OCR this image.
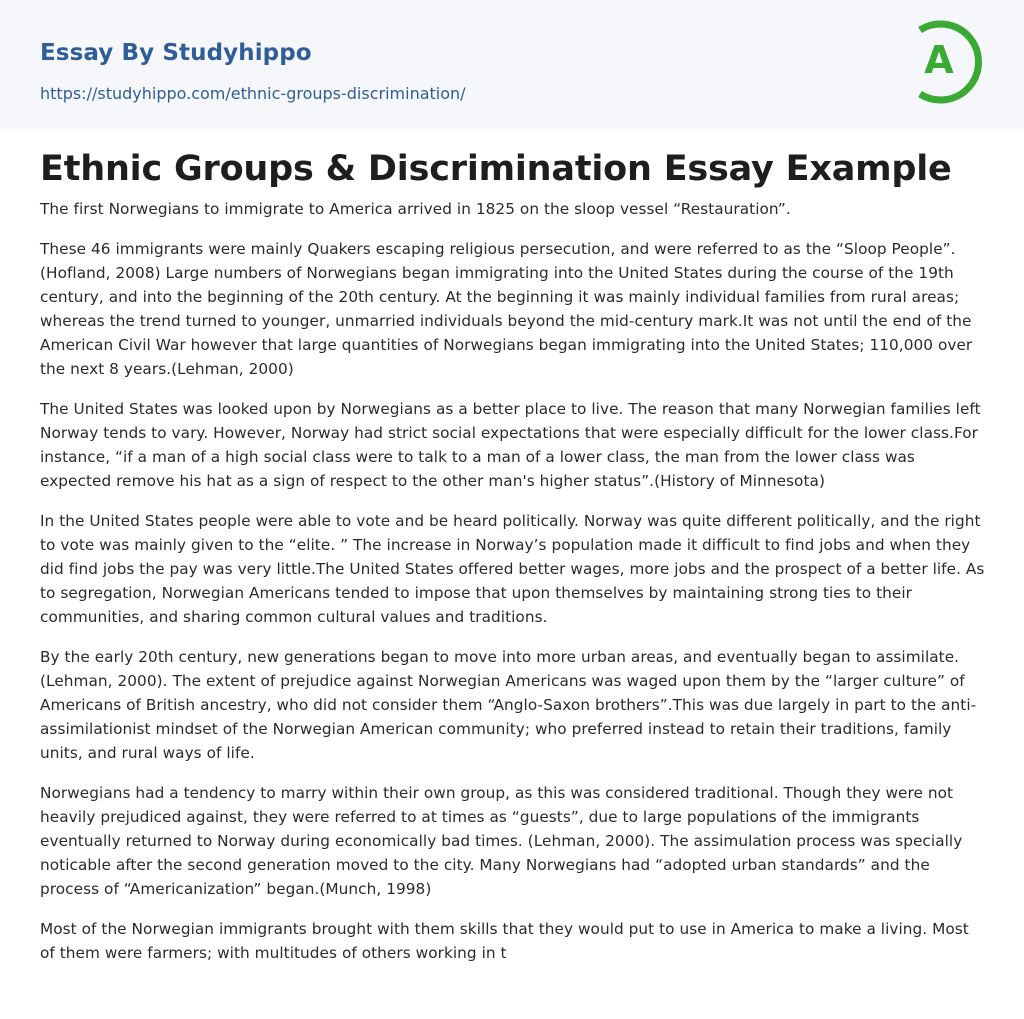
Essay By Studyhippo
https://studyhippo.com/ethnic-groups-discrimination/
A
Ethnic Groups & Discrimination Essay Example

The first Norwegians to immigrate to America arrived in 1825 on the sloop vessel “Restauration”.

These 46 immigrants were mainly Quakers escaping religious persecution, and were referred to as the “Sloop People”. (Hofland, 2008) Large numbers of Norwegians began immigrating into the United States during the course of the 19th century, and into the beginning of the 20th century. At the beginning it was mainly individual families from rural areas; whereas the trend turned to younger, unmarried individuals beyond the mid-century mark.It was not until the end of the American Civil War however that large quantities of Norwegians began immigrating into the United States; 110,000 over the next 8 years.(Lehman, 2000)

The United States was looked upon by Norwegians as a better place to live. The reason that many Norwegian families left Norway tends to vary. However, Norway had strict social expectations that were especially difficult for the lower class.For instance, “if a man of a high social class were to talk to a man of a lower class, the man from the lower class was expected remove his hat as a sign of respect to the other man's higher status”.(History of Minnesota)

In the United States people were able to vote and be heard politically. Norway was quite different politically, and the right to vote was mainly given to the “elite. ” The increase in Norway’s population made it difficult to find jobs and when they did find jobs the pay was very little.The United States offered better wages, more jobs and the prospect of a better life. As to segregation, Norwegian Americans tended to impose that upon themselves by maintaining strong ties to their communities, and sharing common cultural values and traditions.

By the early 20th century, new generations began to move into more urban areas, and eventually began to assimilate. (Lehman, 2000). The extent of prejudice against Norwegian Americans was waged upon them by the “larger culture” of Americans of British ancestry, who did not consider them “Anglo-Saxon brothers”.This was due largely in part to the anti-assimilationist mindset of the Norwegian American community; who preferred instead to retain their traditions, family units, and rural ways of life.

Norwegians had a tendency to marry within their own group, as this was considered traditional. Though they were not heavily prejudiced against, they were referred to at times as “guests”, due to large populations of the immigrants eventually returned to Norway during economically bad times. (Lehman, 2000). The assimulation process was specially noticable after the second generation moved to the city. Many Norwegians had “adopted urban standards” and the process of “Americanization” began.(Munch, 1998)

Most of the Norwegian immigrants brought with them skills that they would put to use in America to make a living. Most of them were farmers; with multitudes of others working in t
